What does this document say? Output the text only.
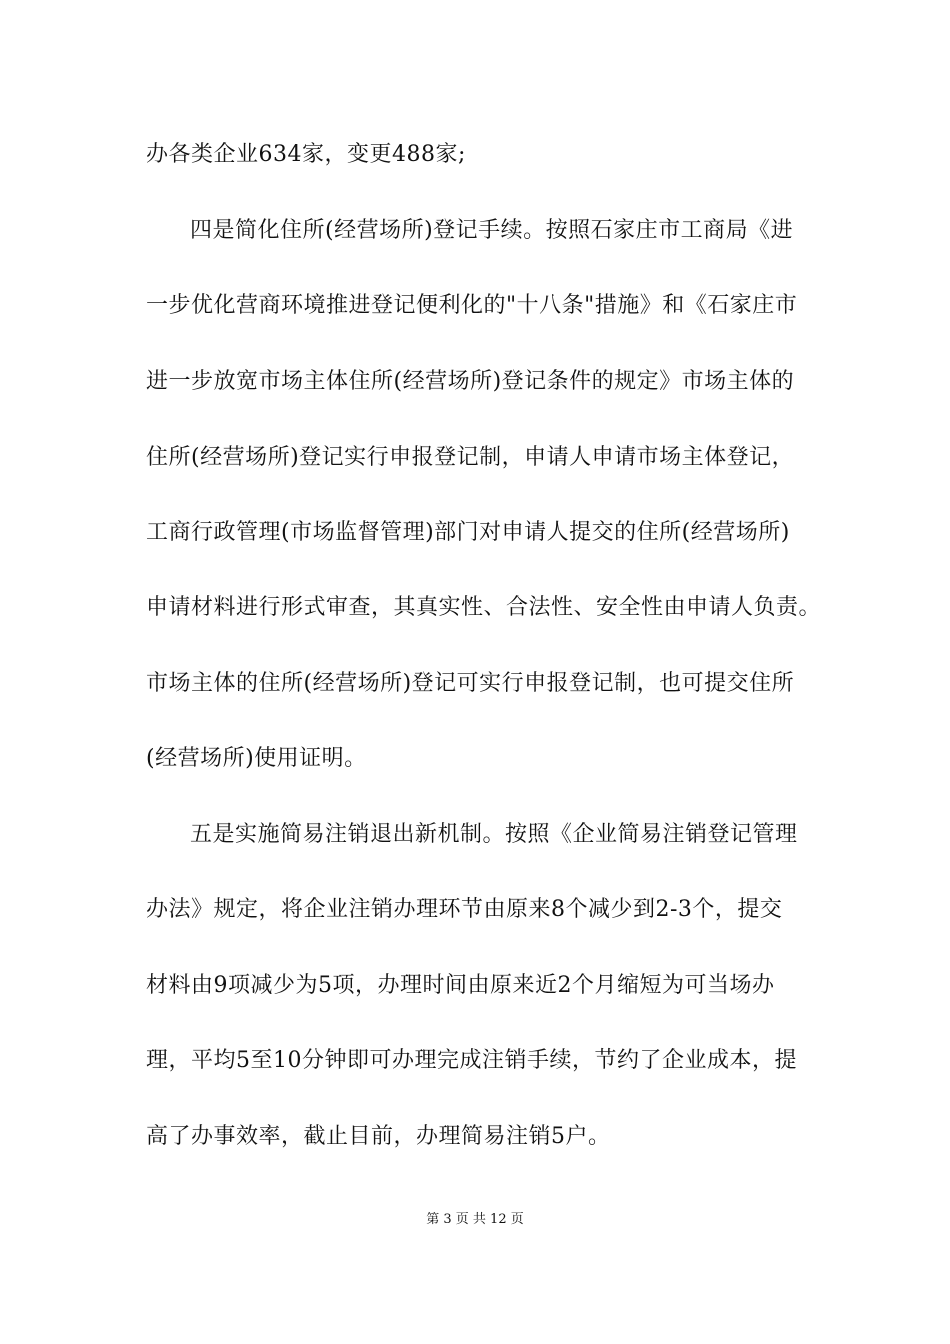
办各类企业634家，变更488家;
四是简化住所(经营场所)登记手续。按照石家庄市工商局《进
一步优化营商环境推进登记便利化的"十八条"措施》和《石家庄市
进一步放宽市场主体住所(经营场所)登记条件的规定》市场主体的
住所(经营场所)登记实行申报登记制，申请人申请市场主体登记，
工商行政管理(市场监督管理)部门对申请人提交的住所(经营场所)
申请材料进行形式审查，其真实性、合法性、安全性由申请人负责。
市场主体的住所(经营场所)登记可实行申报登记制，也可提交住所
(经营场所)使用证明。
五是实施简易注销退出新机制。按照《企业简易注销登记管理
办法》规定，将企业注销办理环节由原来8个减少到2-3个，提交
材料由9项减少为5项，办理时间由原来近2个月缩短为可当场办
理，平均5至10分钟即可办理完成注销手续，节约了企业成本，提
高了办事效率，截止目前，办理简易注销5户。
第 3 页 共 12 页
